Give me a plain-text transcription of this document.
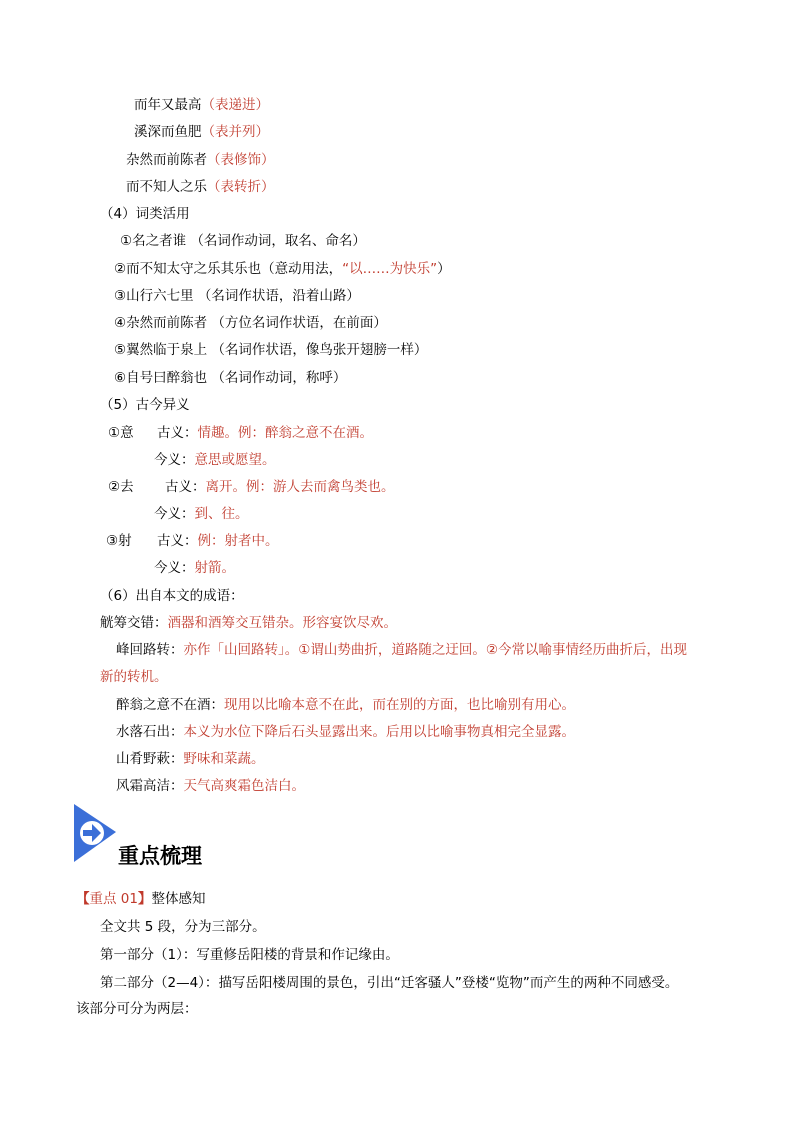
而年又最高（表递进）
溪深而鱼肥（表并列）
杂然而前陈者（表修饰）
而不知人之乐（表转折）
（4）词类活用
①名之者谁 （名词作动词，取名、命名）
②而不知太守之乐其乐也（意动用法，“以……为快乐”）
③山行六七里 （名词作状语，沿着山路）
④杂然而前陈者 （方位名词作状语，在前面）
⑤翼然临于泉上 （名词作状语，像鸟张开翅膀一样）
⑥自号曰醉翁也 （名词作动词，称呼）
（5）古今异义
①意 古义：情趣。例：醉翁之意不在酒。
今义：意思或愿望。
②去 古义：离开。例：游人去而禽鸟类也。
今义：到、往。
③射 古义：例：射者中。
今义：射箭。
（6）出自本文的成语：
觥筹交错：酒器和酒筹交互错杂。形容宴饮尽欢。
峰回路转：亦作「山回路转」。①谓山势曲折，道路随之迂回。②今常以喻事情经历曲折后，出现
新的转机。
醉翁之意不在酒：现用以比喻本意不在此，而在别的方面，也比喻别有用心。
水落石出：本义为水位下降后石头显露出来。后用以比喻事物真相完全显露。
山肴野蔌：野味和菜蔬。
风霜高洁：天气高爽霜色洁白。
重点梳理
【重点 01】整体感知
全文共 5 段，分为三部分。
第一部分（1）：写重修岳阳楼的背景和作记缘由。
第二部分（2—4）：描写岳阳楼周围的景色，引出“迁客骚人”登楼“览物”而产生的两种不同感受。
该部分可分为两层：
